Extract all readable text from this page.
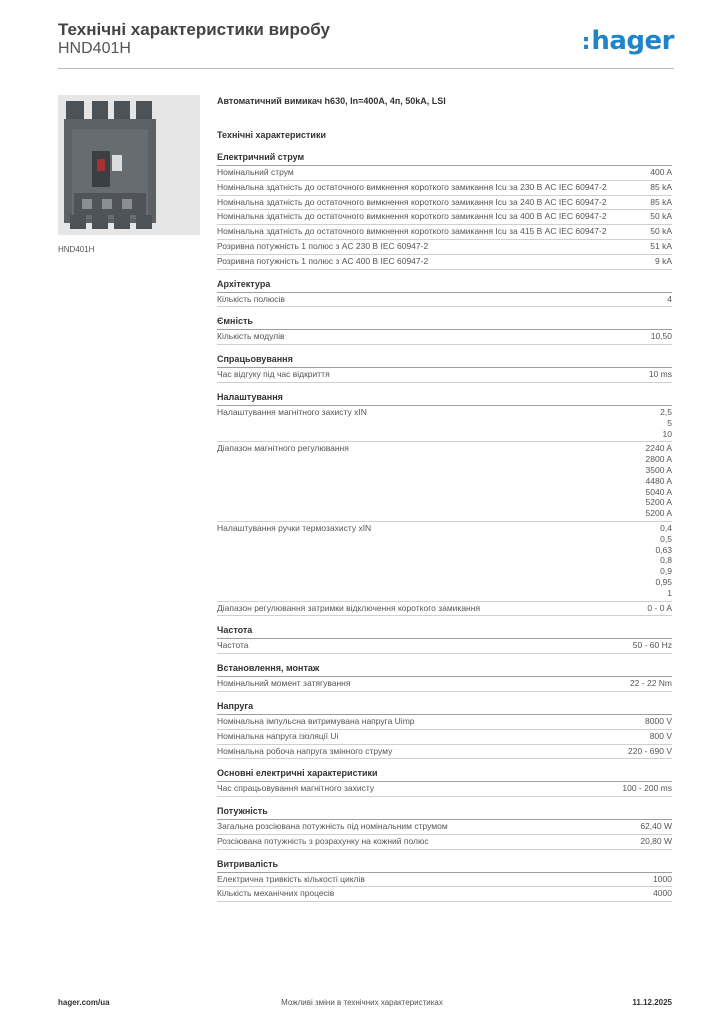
Технічні характеристики виробу
HND401H	:hager
HND401H
Автоматичний вимикач h630, In=400A, 4п, 50kA, LSI
Технічні характеристики
Електричний струм
Номінальний струм	400 A
Номінальна здатність до остаточного вимкнення короткого замикання Icu за 230 В AC IEC 60947-2	85 kA
Номінальна здатність до остаточного вимкнення короткого замикання Icu за 240 В AC IEC 60947-2	85 kA
Номінальна здатність до остаточного вимкнення короткого замикання Icu за 400 В AC IEC 60947-2	50 kA
Номінальна здатність до остаточного вимкнення короткого замикання Icu за 415 В AC IEC 60947-2	50 kA
Розривна потужність 1 полюс з AC 230 В IEC 60947-2	51 kA
Розривна потужність 1 полюс з AC 400 В IEC 60947-2	9 kA
Архітектура
Кількість полюсів	4
Ємність
Кількість модулів	10,50
Спрацьовування
Час відгуку під час відкриття	10 ms
Налаштування
Налаштування магнітного захисту xIN	2,5
5
10
Діапазон магнітного регулювання	2240 A
2800 A
3500 A
4480 A
5040 A
5200 A
5200 A
Налаштування ручки термозахисту xIN	0,4
0,5
0,63
0,8
0,9
0,95
1
Діапазон регулювання затримки відключення короткого замикання	0 - 0 A
Частота
Частота	50 - 60 Hz
Встановлення, монтаж
Номінальний момент затягування	22 - 22 Nm
Напруга
Номінальна імпульсна витримувана напруга Uimp	8000 V
Номінальна напруга ізоляції Ui	800 V
Номінальна робоча напруга змінного струму	220 - 690 V
Основні електричні характеристики
Час спрацьовування магнітного захисту	100 - 200 ms
Потужність
Загальна розсіювана потужність під номінальним струмом	62,40 W
Розсіювана потужність з розрахунку на кожний полюс	20,80 W
Витривалість
Електрична тривкість кількості циклів	1000
Кількість механічних процесів	4000
hager.com/ua	Можливі зміни в технічних характеристиках	11.12.2025
